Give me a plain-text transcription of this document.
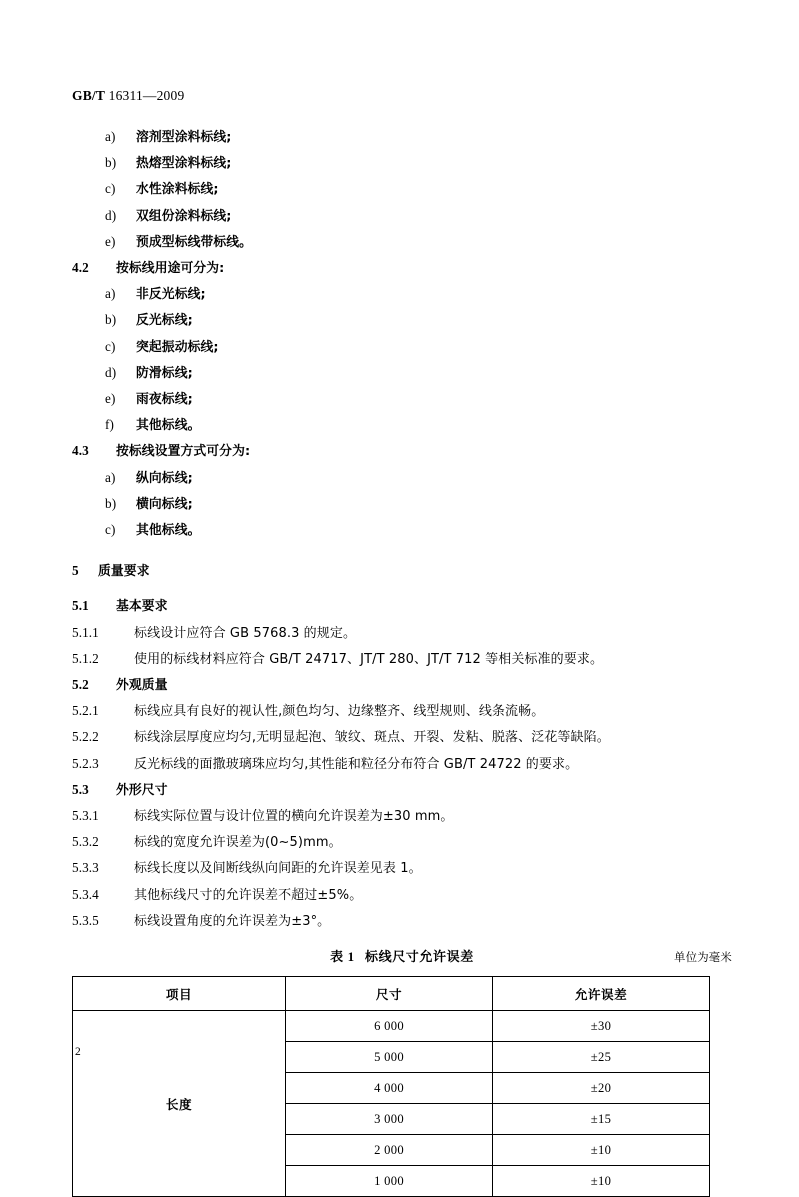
GB/T 16311—2009
a) 溶剂型涂料标线;
b) 热熔型涂料标线;
c) 水性涂料标线;
d) 双组份涂料标线;
e) 预成型标线带标线。
4.2 按标线用途可分为:
a) 非反光标线;
b) 反光标线;
c) 突起振动标线;
d) 防滑标线;
e) 雨夜标线;
f) 其他标线。
4.3 按标线设置方式可分为:
a) 纵向标线;
b) 横向标线;
c) 其他标线。
5 质量要求
5.1 基本要求
5.1.1	标线设计应符合 GB 5768.3 的规定。
5.1.2	使用的标线材料应符合 GB/T 24717、JT/T 280、JT/T 712 等相关标准的要求。
5.2 外观质量
5.2.1	标线应具有良好的视认性,颜色均匀、边缘整齐、线型规则、线条流畅。
5.2.2	标线涂层厚度应均匀,无明显起泡、皱纹、斑点、开裂、发粘、脱落、泛花等缺陷。
5.2.3	反光标线的面撒玻璃珠应均匀,其性能和粒径分布符合 GB/T 24722 的要求。
5.3 外形尺寸
5.3.1	标线实际位置与设计位置的横向允许误差为±30 mm。
5.3.2	标线的宽度允许误差为(0~5)mm。
5.3.3	标线长度以及间断线纵向间距的允许误差见表 1。
5.3.4	其他标线尺寸的允许误差不超过±5%。
5.3.5	标线设置角度的允许误差为±3°。
表 1 标线尺寸允许误差	单位为毫米
项目	尺寸	允许误差
长度	6 000	±30
	5 000	±25
	4 000	±20
	3 000	±15
	2 000	±10
	1 000	±10
2
